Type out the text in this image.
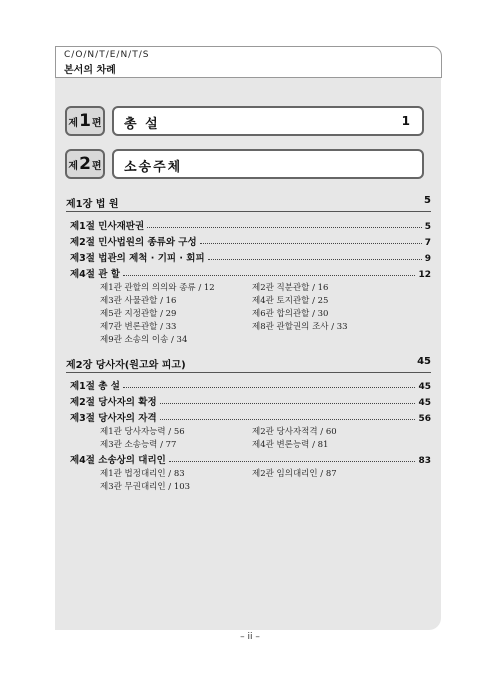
C/O/N/T/E/N/T/S
본서의 차례
제 1 편 총 설	1
제 2 편 소송주체
제1장 법 원	5
제1절 민사재판권	5
제2절 민사법원의 종류와 구성	7
제3절 법관의 제척 · 기피 · 회피	9
제4절 관 할	12
제1관 관할의 의의와 종류 / 12	제2관 직분관할 / 16
제3관 사물관할 / 16	제4관 토지관할 / 25
제5관 지정관할 / 29	제6관 합의관할 / 30
제7관 변론관할 / 33	제8관 관할권의 조사 / 33
제9관 소송의 이송 / 34
제2장 당사자(원고와 피고)	45
제1절 총 설	45
제2절 당사자의 확정	45
제3절 당사자의 자격	56
제1관 당사자능력 / 56	제2관 당사자적격 / 60
제3관 소송능력 / 77	제4관 변론능력 / 81
제4절 소송상의 대리인	83
제1관 법정대리인 / 83	제2관 임의대리인 / 87
제3관 무권대리인 / 103
– ii –
